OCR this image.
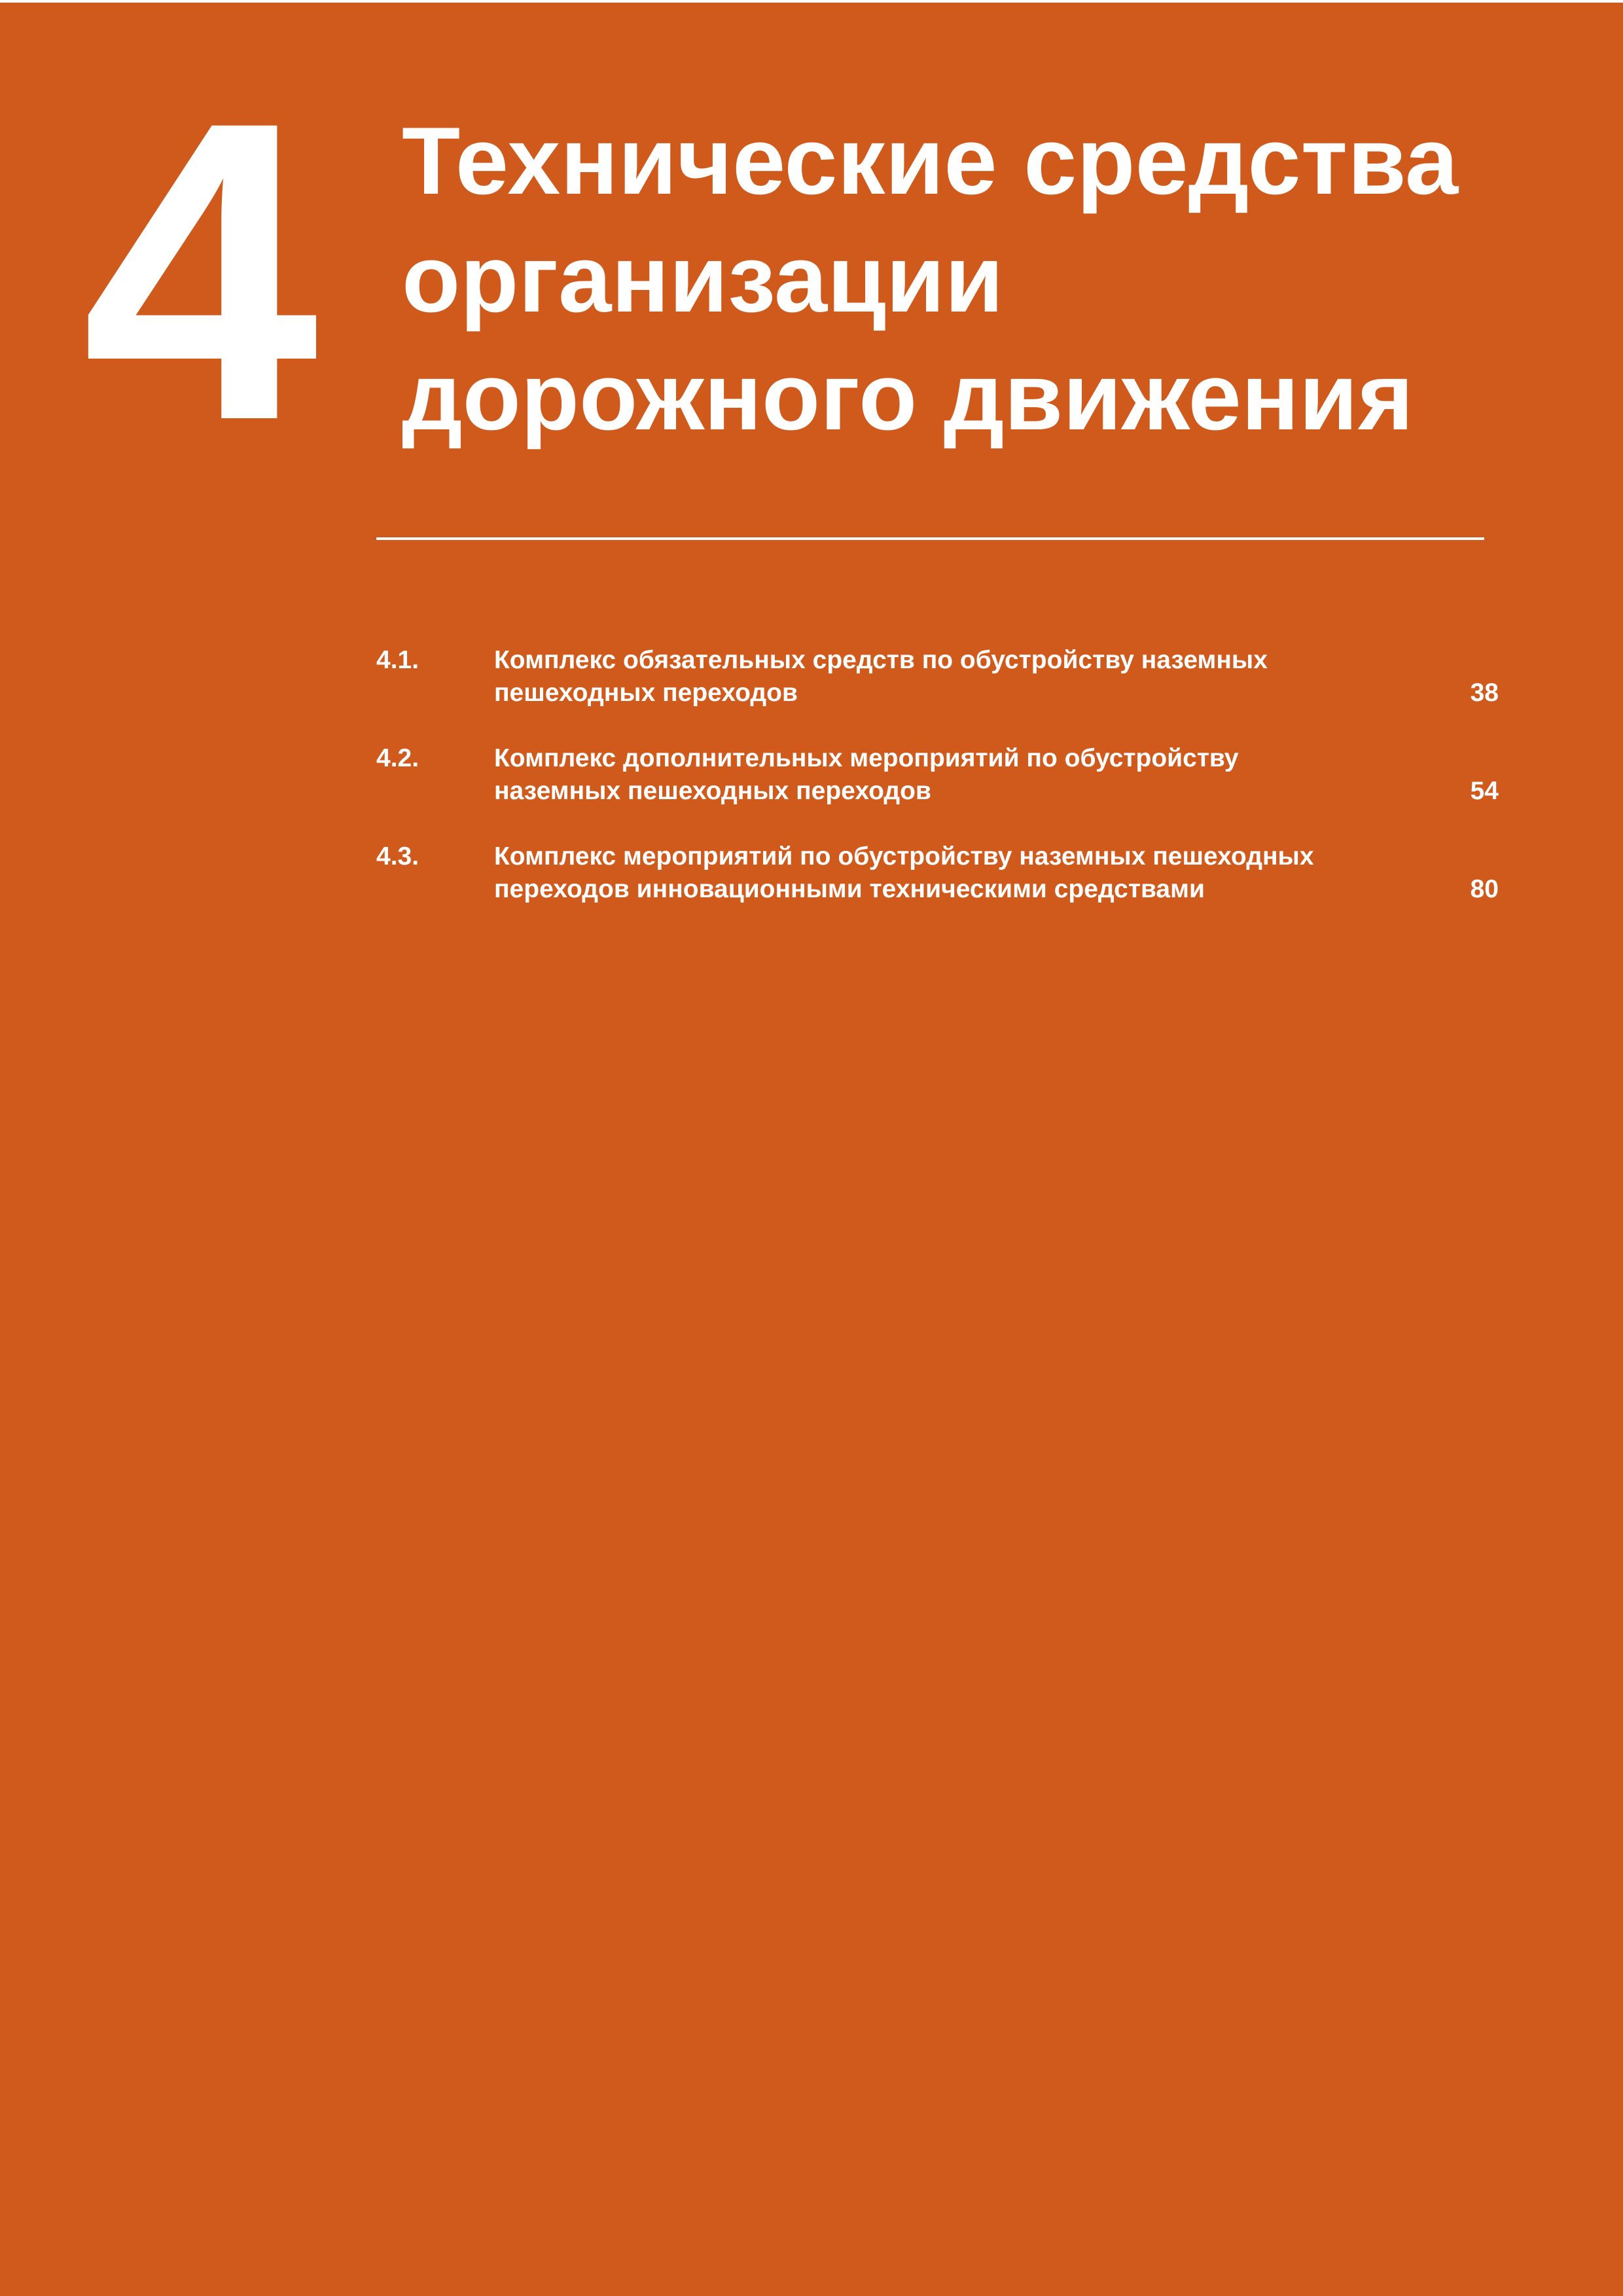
4 Технические средства
организации
дорожного движения
4.1.	Комплекс обязательных средств по обустройству наземных
пешеходных переходов	38
4.2.	Комплекс дополнительных мероприятий по обустройству
наземных пешеходных переходов	54
4.3.	Комплекс мероприятий по обустройству наземных пешеходных
переходов инновационными техническими средствами	80
